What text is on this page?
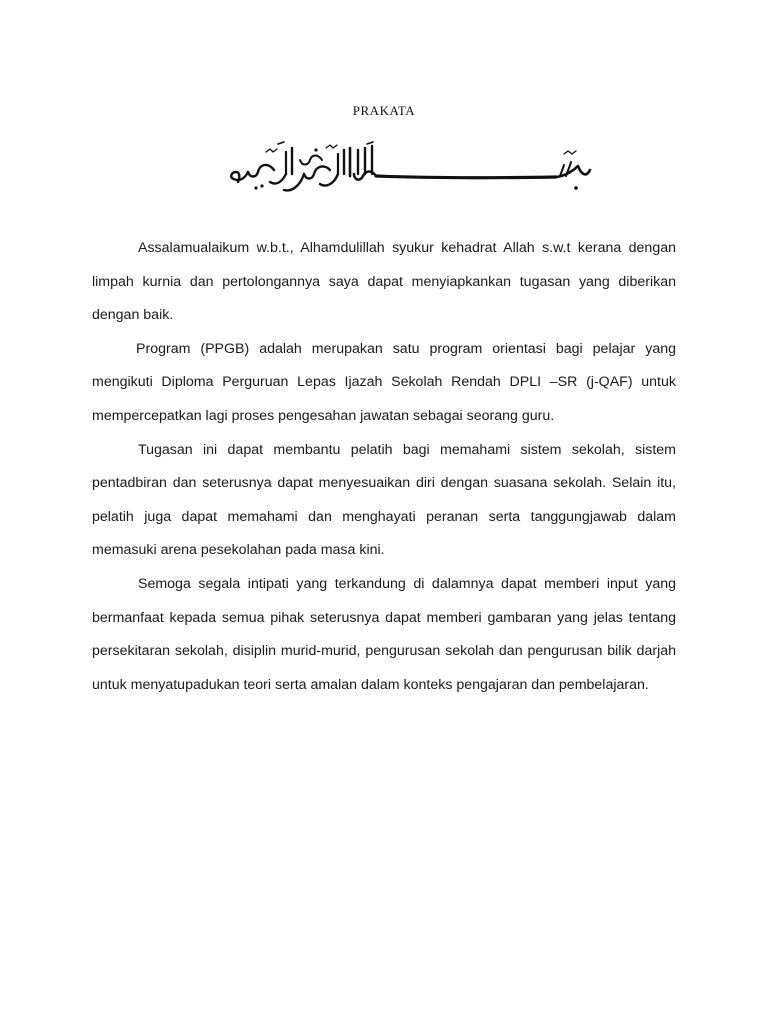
PRAKATA

Assalamualaikum w.b.t., Alhamdulillah syukur kehadrat Allah s.w.t kerana dengan limpah kurnia dan pertolongannya saya dapat menyiapkankan tugasan yang diberikan dengan baik.

Program (PPGB) adalah merupakan satu program orientasi bagi pelajar yang mengikuti Diploma Perguruan Lepas Ijazah Sekolah Rendah DPLI –SR (j-QAF) untuk mempercepatkan lagi proses pengesahan jawatan sebagai seorang guru.

Tugasan ini dapat membantu pelatih bagi memahami sistem sekolah, sistem pentadbiran dan seterusnya dapat menyesuaikan diri dengan suasana sekolah. Selain itu, pelatih juga dapat memahami dan menghayati peranan serta tanggungjawab dalam memasuki arena pesekolahan pada masa kini.

Semoga segala intipati yang terkandung di dalamnya dapat memberi input yang bermanfaat kepada semua pihak seterusnya dapat memberi gambaran yang jelas tentang persekitaran sekolah, disiplin murid-murid, pengurusan sekolah dan pengurusan bilik darjah untuk menyatupadukan teori serta amalan dalam konteks pengajaran dan pembelajaran.
